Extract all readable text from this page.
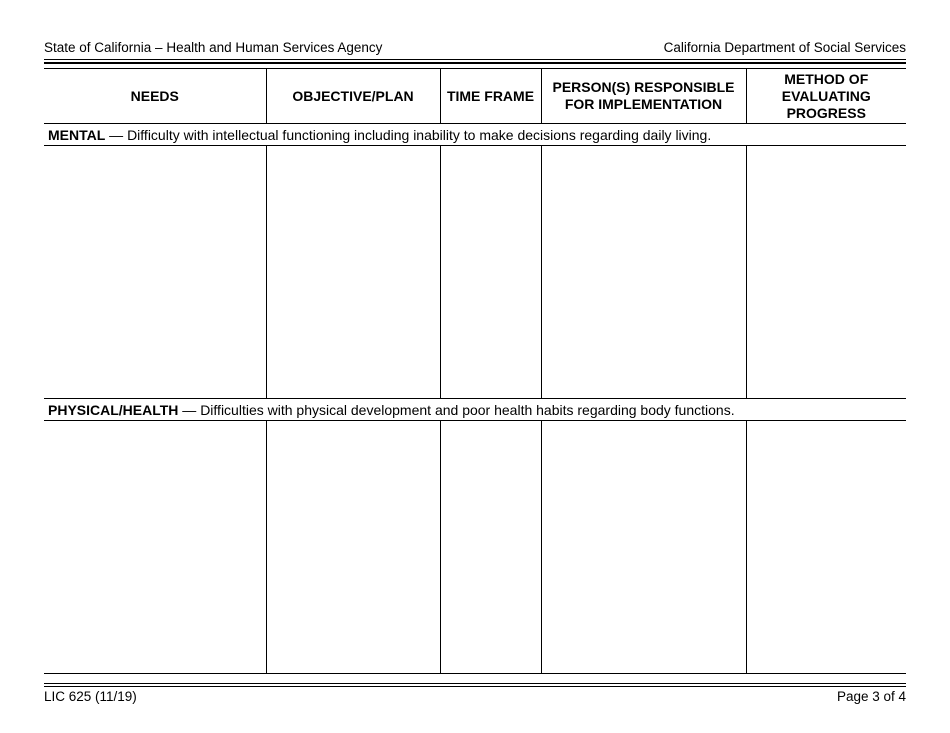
State of California – Health and Human Services Agency	California Department of Social Services
NEEDS	OBJECTIVE/PLAN	TIME FRAME	PERSON(S) RESPONSIBLE FOR IMPLEMENTATION	METHOD OF EVALUATING PROGRESS
MENTAL — Difficulty with intellectual functioning including inability to make decisions regarding daily living.				

PHYSICAL/HEALTH — Difficulties with physical development and poor health habits regarding body functions.				

LIC 625 (11/19)	Page 3 of 4
